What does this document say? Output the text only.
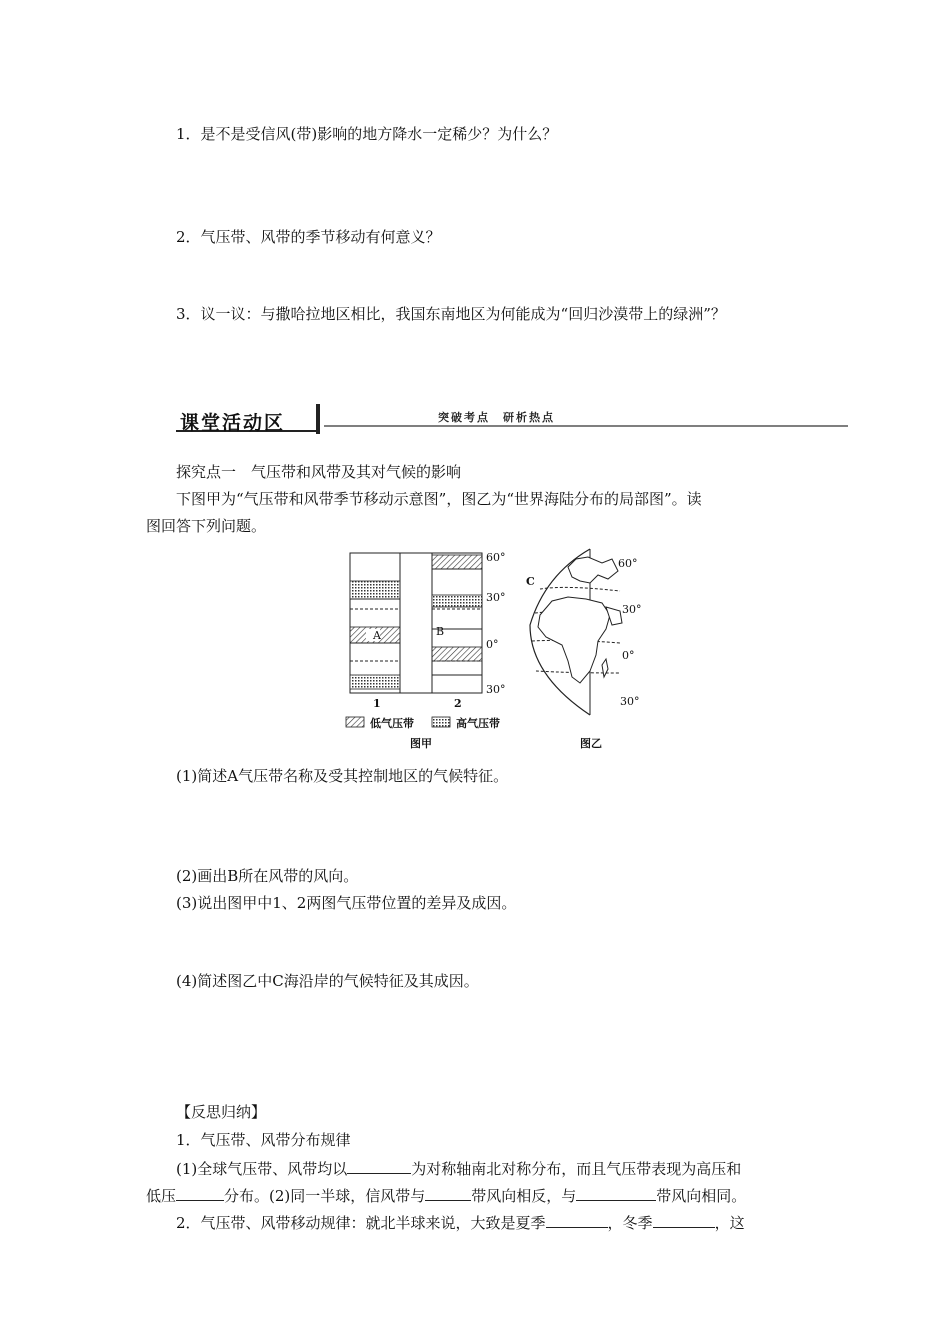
1．是不是受信风(带)影响的地方降水一定稀少？为什么？
2．气压带、风带的季节移动有何意义？
3．议一议：与撒哈拉地区相比，我国东南地区为何能成为“回归沙漠带上的绿洲”？
课堂活动区	突破考点　研析热点
探究点一　气压带和风带及其对气候的影响
下图甲为“气压带和风带季节移动示意图”，图乙为“世界海陆分布的局部图”。读
图回答下列问题。
A	B
60°
30°
0°
30°
1	2
低气压带	高气压带
图甲
C
60°
30°
0°
30°
图乙
(1)简述A气压带名称及受其控制地区的气候特征。
(2)画出B所在风带的风向。
(3)说出图甲中1、2两图气压带位置的差异及成因。
(4)简述图乙中C海沿岸的气候特征及其成因。
【反思归纳】
1．气压带、风带分布规律
(1)全球气压带、风带均以	为对称轴南北对称分布，而且气压带表现为高压和
低压	分布。(2)同一半球，信风带与	带风向相反，与	带风向相同。
2．气压带、风带移动规律：就北半球来说，大致是夏季	，冬季	，这
